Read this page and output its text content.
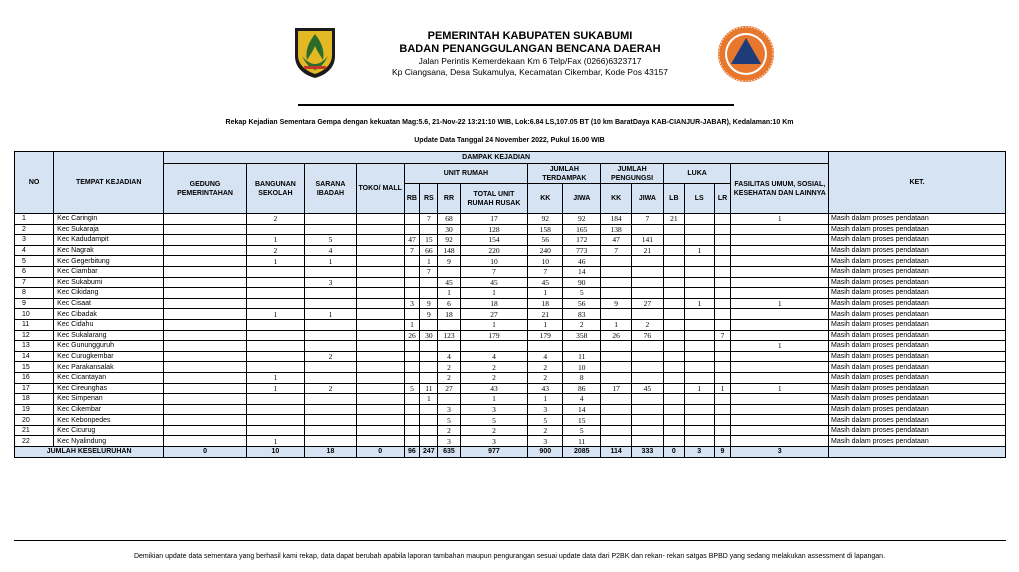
PEMERINTAH KABUPATEN SUKABUMI
BADAN PENANGGULANGAN BENCANA DAERAH
Jalan Perintis Kemerdekaan Km 6 Telp/Fax (0266)6323717
Kp Ciangsana, Desa Sukamulya, Kecamatan Cikembar, Kode Pos 43157
Rekap Kejadian Sementara Gempa dengan kekuatan Mag:5.6, 21-Nov-22 13:21:10 WIB, Lok:6.84 LS,107.05 BT (10 km BaratDaya KAB-CIANJUR-JABAR), Kedalaman:10 Km
Update Data Tanggal 24 November 2022, Pukul 16.00 WIB
NO	TEMPAT KEJADIAN	DAMPAK KEJADIAN																KET.
		GEDUNG PEMERINTAHAN	BANGUNAN SEKOLAH	SARANA IBADAH	TOKO/ MALL	UNIT RUMAH				JUMLAH TERDAMPAK		JUMLAH PENGUNGSI		LUKA			FASILITAS UMUM, SOSIAL, KESEHATAN DAN LAINNYA	
						RB	RS	RR	TOTAL UNIT RUMAH RUSAK	KK	JIWA	KK	JIWA	LB	LS	LR		
1	Kec Caringin		2				7	68	17	92	92	184	7	21			1	Masih dalam proses pendataan
2	Kec Sukaraja							30	128	158	165	138						Masih dalam proses pendataan
3	Kec Kadudampit		1	5		47	15	92	154	56	172	47	141					Masih dalam proses pendataan
4	Kec Nagrak		2	4		7	66	148	220	240	773	7	21		1			Masih dalam proses pendataan
5	Kec Gegerbitung		1	1			1	9	10	10	46							Masih dalam proses pendataan
6	Kec Ciambar						7		7	7	14							Masih dalam proses pendataan
7	Kec Sukabumi			3				45	45	45	90							Masih dalam proses pendataan
8	Kec Cikidang							1	1	1	5							Masih dalam proses pendataan
9	Kec Cisaat					3	9	6	18	18	56	9	27		1		1	Masih dalam proses pendataan
10	Kec Cibadak		1	1			9	18	27	21	83							Masih dalam proses pendataan
11	Kec Cidahu					1			1	1	2	1	2					Masih dalam proses pendataan
12	Kec Sukalarang					26	30	123	179	179	358	26	76			7		Masih dalam proses pendataan
13	Kec Gunungguruh																1	Masih dalam proses pendataan
14	Kec Curugkembar			2				4	4	4	11							Masih dalam proses pendataan
15	Kec Parakansalak							2	2	2	10							Masih dalam proses pendataan
16	Kec Cicantayan		1					2	2	2	8							Masih dalam proses pendataan
17	Kec Cireunghas		1	2		5	11	27	43	43	86	17	45		1	1	1	Masih dalam proses pendataan
18	Kec Simpenan						1		1	1	4							Masih dalam proses pendataan
19	Kec Cikembar							3	3	3	14							Masih dalam proses pendataan
20	Kec Kebonpedes							5	5	5	15							Masih dalam proses pendataan
21	Kec Cicurug							2	2	2	5							Masih dalam proses pendataan
22	Kec Nyalindung		1					3	3	3	11							Masih dalam proses pendataan
JUMLAH KESELURUHAN		0	10	18	0	96	247	635	977	900	2085	114	333	0	3	9	3	
Demikian update data sementara yang berhasil kami rekap, data dapat berubah apabila laporan tambahan maupun pengurangan sesuai update data dari P2BK dan rekan- rekan satgas BPBD yang sedang melakukan assessment di lapangan.
